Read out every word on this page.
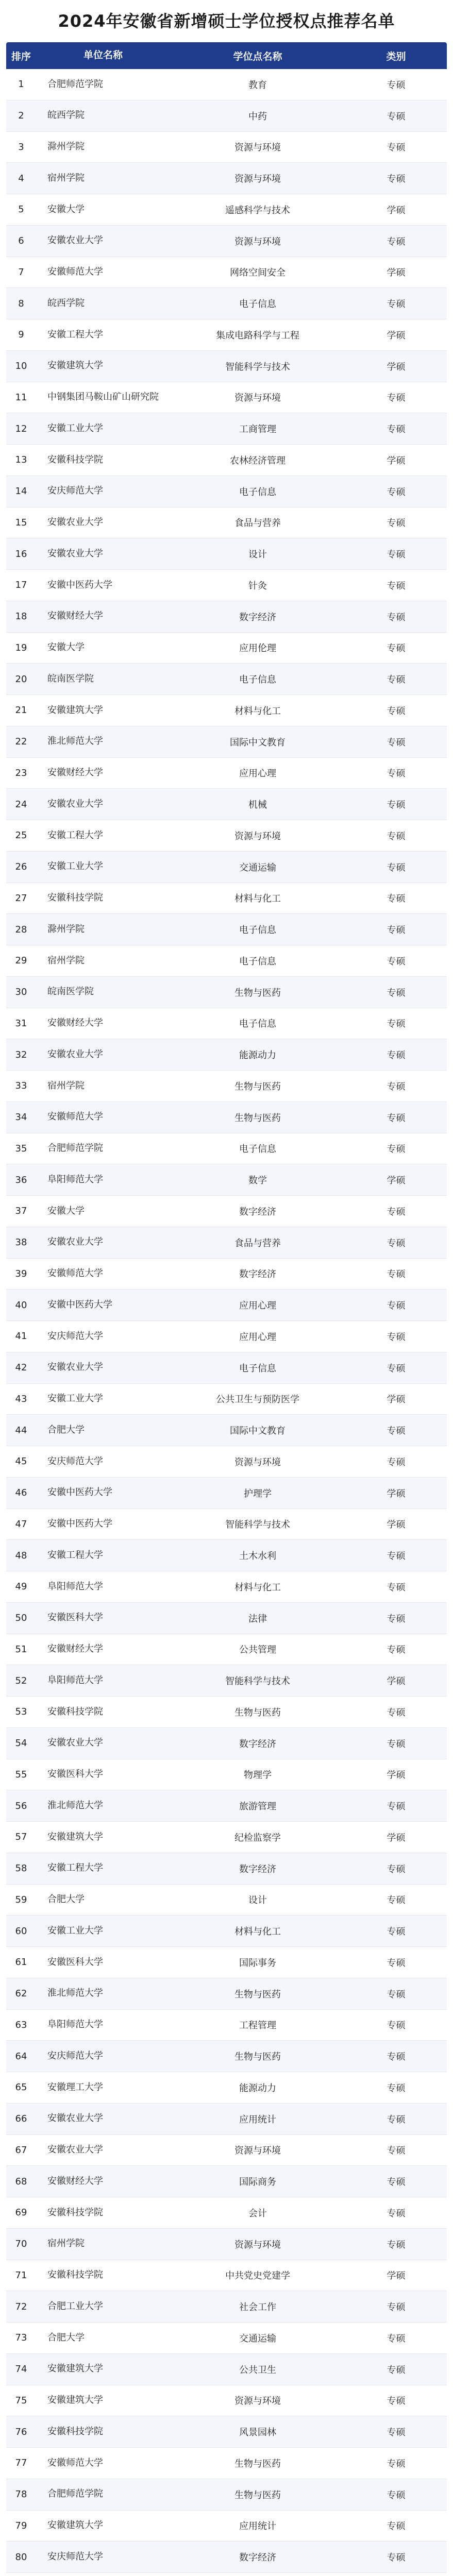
2024年安徽省新增硕士学位授权点推荐名单
排序	单位名称	学位点名称	类别
1	合肥师范学院	教育	专硕
2	皖西学院	中药	专硕
3	滁州学院	资源与环境	专硕
4	宿州学院	资源与环境	专硕
5	安徽大学	遥感科学与技术	学硕
6	安徽农业大学	资源与环境	专硕
7	安徽师范大学	网络空间安全	学硕
8	皖西学院	电子信息	专硕
9	安徽工程大学	集成电路科学与工程	学硕
10	安徽建筑大学	智能科学与技术	学硕
11	中钢集团马鞍山矿山研究院	资源与环境	专硕
12	安徽工业大学	工商管理	专硕
13	安徽科技学院	农林经济管理	学硕
14	安庆师范大学	电子信息	专硕
15	安徽农业大学	食品与营养	专硕
16	安徽农业大学	设计	专硕
17	安徽中医药大学	针灸	专硕
18	安徽财经大学	数字经济	专硕
19	安徽大学	应用伦理	专硕
20	皖南医学院	电子信息	专硕
21	安徽建筑大学	材料与化工	专硕
22	淮北师范大学	国际中文教育	专硕
23	安徽财经大学	应用心理	专硕
24	安徽农业大学	机械	专硕
25	安徽工程大学	资源与环境	专硕
26	安徽工业大学	交通运输	专硕
27	安徽科技学院	材料与化工	专硕
28	滁州学院	电子信息	专硕
29	宿州学院	电子信息	专硕
30	皖南医学院	生物与医药	专硕
31	安徽财经大学	电子信息	专硕
32	安徽农业大学	能源动力	专硕
33	宿州学院	生物与医药	专硕
34	安徽师范大学	生物与医药	专硕
35	合肥师范学院	电子信息	专硕
36	阜阳师范大学	数学	学硕
37	安徽大学	数字经济	专硕
38	安徽农业大学	食品与营养	专硕
39	安徽师范大学	数字经济	专硕
40	安徽中医药大学	应用心理	专硕
41	安庆师范大学	应用心理	专硕
42	安徽农业大学	电子信息	专硕
43	安徽工业大学	公共卫生与预防医学	学硕
44	合肥大学	国际中文教育	专硕
45	安庆师范大学	资源与环境	专硕
46	安徽中医药大学	护理学	学硕
47	安徽中医药大学	智能科学与技术	学硕
48	安徽工程大学	土木水利	专硕
49	阜阳师范大学	材料与化工	专硕
50	安徽医科大学	法律	专硕
51	安徽财经大学	公共管理	专硕
52	阜阳师范大学	智能科学与技术	学硕
53	安徽科技学院	生物与医药	专硕
54	安徽农业大学	数字经济	专硕
55	安徽医科大学	物理学	学硕
56	淮北师范大学	旅游管理	专硕
57	安徽建筑大学	纪检监察学	学硕
58	安徽工程大学	数字经济	专硕
59	合肥大学	设计	专硕
60	安徽工业大学	材料与化工	专硕
61	安徽医科大学	国际事务	专硕
62	淮北师范大学	生物与医药	专硕
63	阜阳师范大学	工程管理	专硕
64	安庆师范大学	生物与医药	专硕
65	安徽理工大学	能源动力	专硕
66	安徽农业大学	应用统计	专硕
67	安徽农业大学	资源与环境	专硕
68	安徽财经大学	国际商务	专硕
69	安徽科技学院	会计	专硕
70	宿州学院	资源与环境	专硕
71	安徽科技学院	中共党史党建学	学硕
72	合肥工业大学	社会工作	专硕
73	合肥大学	交通运输	专硕
74	安徽建筑大学	公共卫生	专硕
75	安徽建筑大学	资源与环境	专硕
76	安徽科技学院	风景园林	专硕
77	安徽师范大学	生物与医药	专硕
78	合肥师范学院	生物与医药	专硕
79	安徽建筑大学	应用统计	专硕
80	安庆师范大学	数字经济	专硕
